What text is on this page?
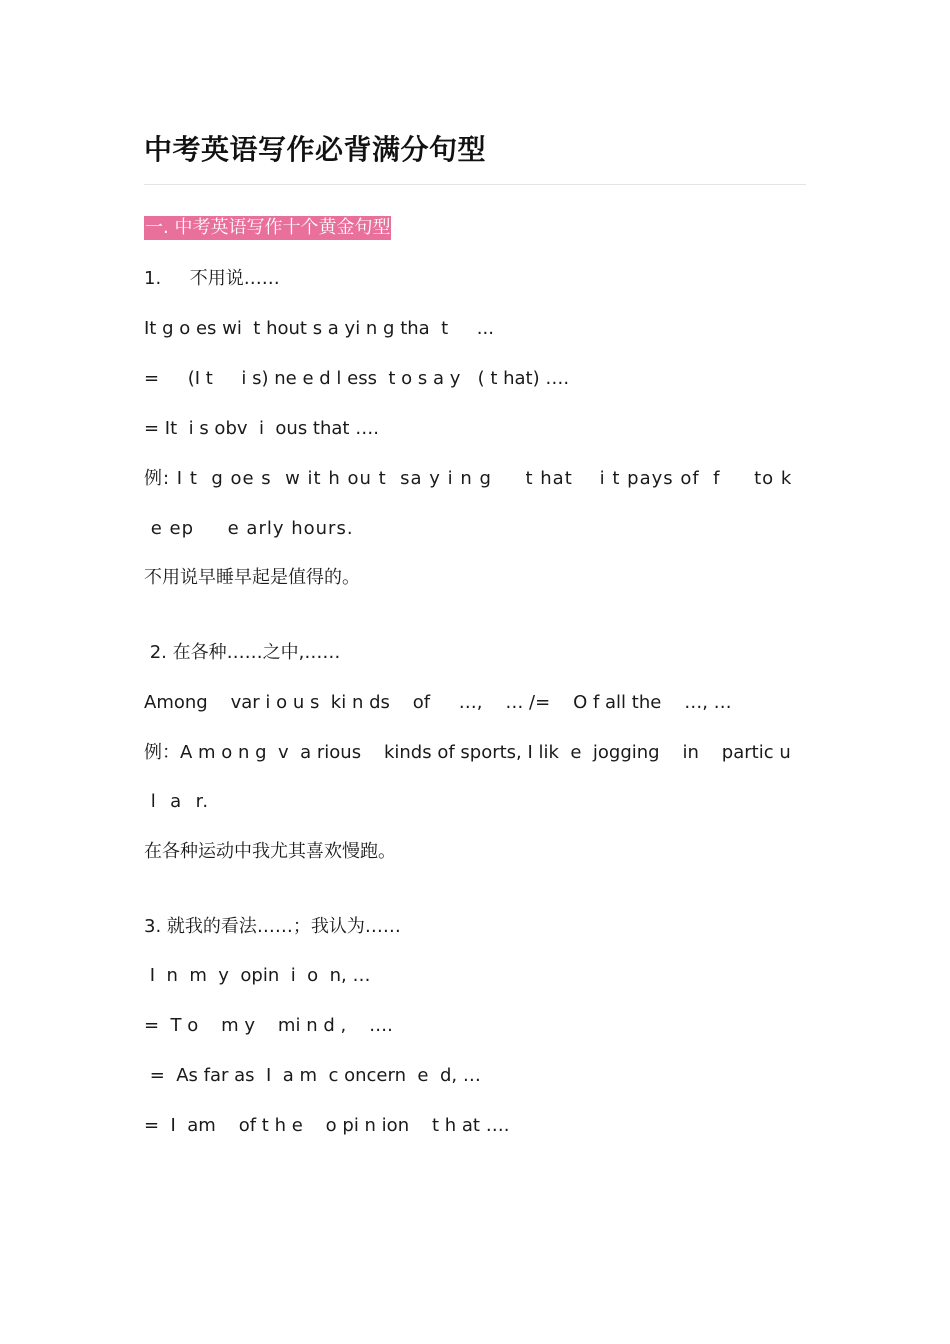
中考英语写作必背满分句型
一. 中考英语写作十个黄金句型
1.     不用说……
It g o es wi  t hout s a yi n g tha  t     ...
=     (I t     i s) ne e d l ess  t o s a y   ( t hat) ….
= It  i s obv  i  ous that ….
例: I t  g oe s  w it h ou t  sa y i n g     t hat    i t pays of  f     to k
e ep     e arly hours.
不用说早睡早起是值得的。
2. 在各种……之中,……
Among    var i o u s  ki n ds    of     …,    … /=    O f all the    …, …
例：A m o n g  v  a rious    kinds of sports, I lik  e  jogging    in    partic u
l  a  r.
在各种运动中我尤其喜欢慢跑。
3. 就我的看法……；我认为……
I  n  m  y  opin  i  o  n, …
=  T o    m y    mi n d ,    ….
=  As far as  I  a m  c oncern  e  d, …
=  I  am    of t h e    o pi n ion    t h at ….
